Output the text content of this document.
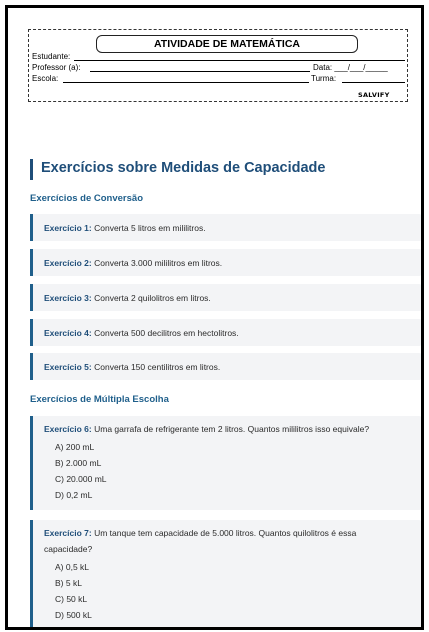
ATIVIDADE DE MATEMÁTICA
Estudante:
Professor (a):	Data: ___/___/_____
Escola:	Turma:
SALVIFY
Exercícios sobre Medidas de Capacidade
Exercícios de Conversão
Exercício 1: Converta 5 litros em mililitros.
Exercício 2: Converta 3.000 mililitros em litros.
Exercício 3: Converta 2 quilolitros em litros.
Exercício 4: Converta 500 decilitros em hectolitros.
Exercício 5: Converta 150 centilitros em litros.
Exercícios de Múltipla Escolha
Exercício 6: Uma garrafa de refrigerante tem 2 litros. Quantos mililitros isso equivale?
A) 200 mL
B) 2.000 mL
C) 20.000 mL
D) 0,2 mL
Exercício 7: Um tanque tem capacidade de 5.000 litros. Quantos quilolitros é essa
capacidade?
A) 0,5 kL
B) 5 kL
C) 50 kL
D) 500 kL
